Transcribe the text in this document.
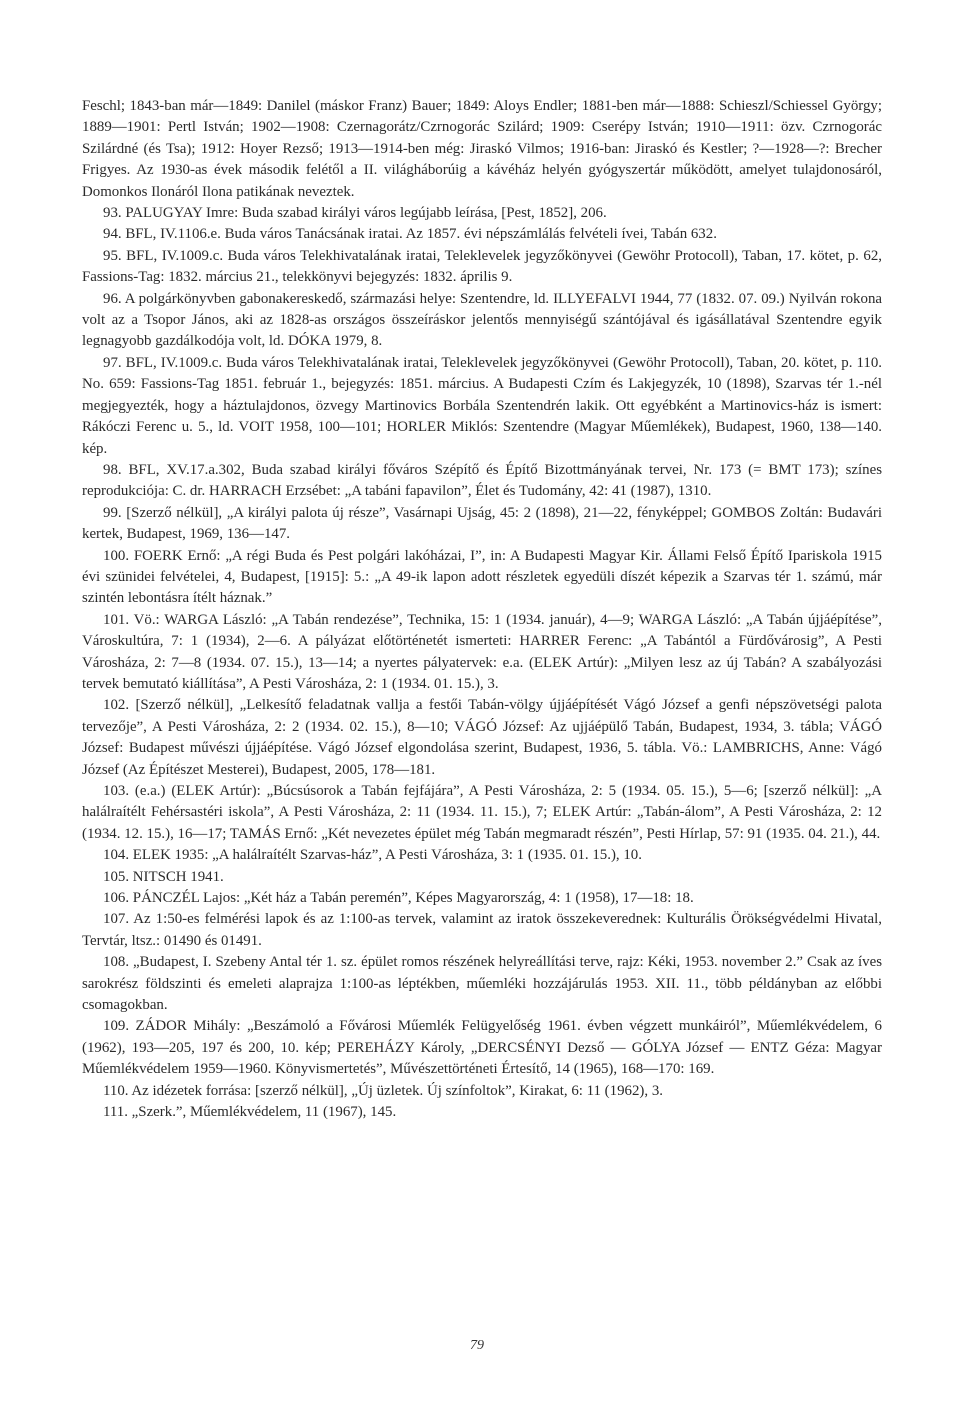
Feschl; 1843-ban már—1849: Danilel (máskor Franz) Bauer; 1849: Aloys Endler; 1881-ben már—1888: Schieszl/Schiessel György; 1889—1901: Pertl István; 1902—1908: Czernagorátz/Czrnogorác Szilárd; 1909: Cserépy István; 1910—1911: özv. Czrnogorác Szilárdné (és Tsa); 1912: Hoyer Rezső; 1913—1914-ben még: Jiraskó Vilmos; 1916-ban: Jiraskó és Kestler; ?—1928—?: Brecher Frigyes. Az 1930-as évek második felétől a II. világháborúig a kávéház helyén gyógyszertár működött, amelyet tulajdonosáról, Domonkos Ilonáról Ilona patikának neveztek.

93. PALUGYAY Imre: Buda szabad királyi város legújabb leírása, [Pest, 1852], 206.

94. BFL, IV.1106.e. Buda város Tanácsának iratai. Az 1857. évi népszámlálás felvételi ívei, Tabán 632.

95. BFL, IV.1009.c. Buda város Telekhivatalának iratai, Teleklevelek jegyzőkönyvei (Gewöhr Protocoll), Taban, 17. kötet, p. 62, Fassions-Tag: 1832. március 21., telekkönyvi bejegyzés: 1832. április 9.

96. A polgárkönyvben gabonakereskedő, származási helye: Szentendre, ld. ILLYEFALVI 1944, 77 (1832. 07. 09.) Nyilván rokona volt az a Tsopor János, aki az 1828-as országos összeíráskor jelentős mennyiségű szántójával és igásállatával Szentendre egyik legnagyobb gazdálkodója volt, ld. DÓKA 1979, 8.

97. BFL, IV.1009.c. Buda város Telekhivatalának iratai, Teleklevelek jegyzőkönyvei (Gewöhr Protocoll), Taban, 20. kötet, p. 110. No. 659: Fassions-Tag 1851. február 1., bejegyzés: 1851. március. A Budapesti Czím és Lakjegyzék, 10 (1898), Szarvas tér 1.-nél megjegyezték, hogy a háztulajdonos, özvegy Martinovics Borbála Szentendrén lakik. Ott egyébként a Martinovics-ház is ismert: Rákóczi Ferenc u. 5., ld. VOIT 1958, 100—101; HORLER Miklós: Szentendre (Magyar Műemlékek), Budapest, 1960, 138—140. kép.

98. BFL, XV.17.a.302, Buda szabad királyi főváros Szépítő és Építő Bizottmányának tervei, Nr. 173 (= BMT 173); színes reprodukciója: C. dr. HARRACH Erzsébet: „A tabáni fapavilon”, Élet és Tudomány, 42: 41 (1987), 1310.

99. [Szerző nélkül], „A királyi palota új része”, Vasárnapi Ujság, 45: 2 (1898), 21—22, fényképpel; GOMBOS Zoltán: Budavári kertek, Budapest, 1969, 136—147.

100. FOERK Ernő: „A régi Buda és Pest polgári lakóházai, I”, in: A Budapesti Magyar Kir. Állami Felső Építő Ipariskola 1915 évi szünidei felvételei, 4, Budapest, [1915]: 5.: „A 49-ik lapon adott részletek egyedüli díszét képezik a Szarvas tér 1. számú, már szintén lebontásra ítélt háznak.”

101. Vö.: WARGA László: „A Tabán rendezése”, Technika, 15: 1 (1934. január), 4—9; WARGA László: „A Tabán újjáépítése”, Városkultúra, 7: 1 (1934), 2—6. A pályázat előtörténetét ismerteti: HARRER Ferenc: „A Tabántól a Fürdővárosig”, A Pesti Városháza, 2: 7—8 (1934. 07. 15.), 13—14; a nyertes pályatervek: e.a. (ELEK Artúr): „Milyen lesz az új Tabán? A szabályozási tervek bemutató kiállítása”, A Pesti Városháza, 2: 1 (1934. 01. 15.), 3.

102. [Szerző nélkül], „Lelkesítő feladatnak vallja a festői Tabán-völgy újjáépítését Vágó József a genfi népszövetségi palota tervezője”, A Pesti Városháza, 2: 2 (1934. 02. 15.), 8—10; VÁGÓ József: Az ujjáépülő Tabán, Budapest, 1934, 3. tábla; VÁGÓ József: Budapest művészi újjáépítése. Vágó József elgondolása szerint, Budapest, 1936, 5. tábla. Vö.: LAMBRICHS, Anne: Vágó József (Az Építészet Mesterei), Budapest, 2005, 178—181.

103. (e.a.) (ELEK Artúr): „Búcsúsorok a Tabán fejfájára”, A Pesti Városháza, 2: 5 (1934. 05. 15.), 5—6; [szerző nélkül]: „A halálraítélt Fehérsastéri iskola”, A Pesti Városháza, 2: 11 (1934. 11. 15.), 7; ELEK Artúr: „Tabán-álom”, A Pesti Városháza, 2: 12 (1934. 12. 15.), 16—17; TAMÁS Ernő: „Két nevezetes épület még Tabán megmaradt részén”, Pesti Hírlap, 57: 91 (1935. 04. 21.), 44.

104. ELEK 1935: „A halálraítélt Szarvas-ház”, A Pesti Városháza, 3: 1 (1935. 01. 15.), 10.

105. NITSCH 1941.

106. PÁNCZÉL Lajos: „Két ház a Tabán peremén”, Képes Magyarország, 4: 1 (1958), 17—18: 18.

107. Az 1:50-es felmérési lapok és az 1:100-as tervek, valamint az iratok összekeverednek: Kulturális Örökségvédelmi Hivatal, Tervtár, ltsz.: 01490 és 01491.

108. „Budapest, I. Szebeny Antal tér 1. sz. épület romos részének helyreállítási terve, rajz: Kéki, 1953. november 2.” Csak az íves sarokrész földszinti és emeleti alaprajza 1:100-as léptékben, műemléki hozzájárulás 1953. XII. 11., több példányban az előbbi csomagokban.

109. ZÁDOR Mihály: „Beszámoló a Fővárosi Műemlék Felügyelőség 1961. évben végzett munkáiról”, Műemlékvédelem, 6 (1962), 193—205, 197 és 200, 10. kép; PEREHÁZY Károly, „DERCSÉNYI Dezső — GÓLYA József — ENTZ Géza: Magyar Műemlékvédelem 1959—1960. Könyvismertetés”, Művészettörténeti Értesítő, 14 (1965), 168—170: 169.

110. Az idézetek forrása: [szerző nélkül], „Új üzletek. Új színfoltok”, Kirakat, 6: 11 (1962), 3.

111. „Szerk.”, Műemlékvédelem, 11 (1967), 145.

79
